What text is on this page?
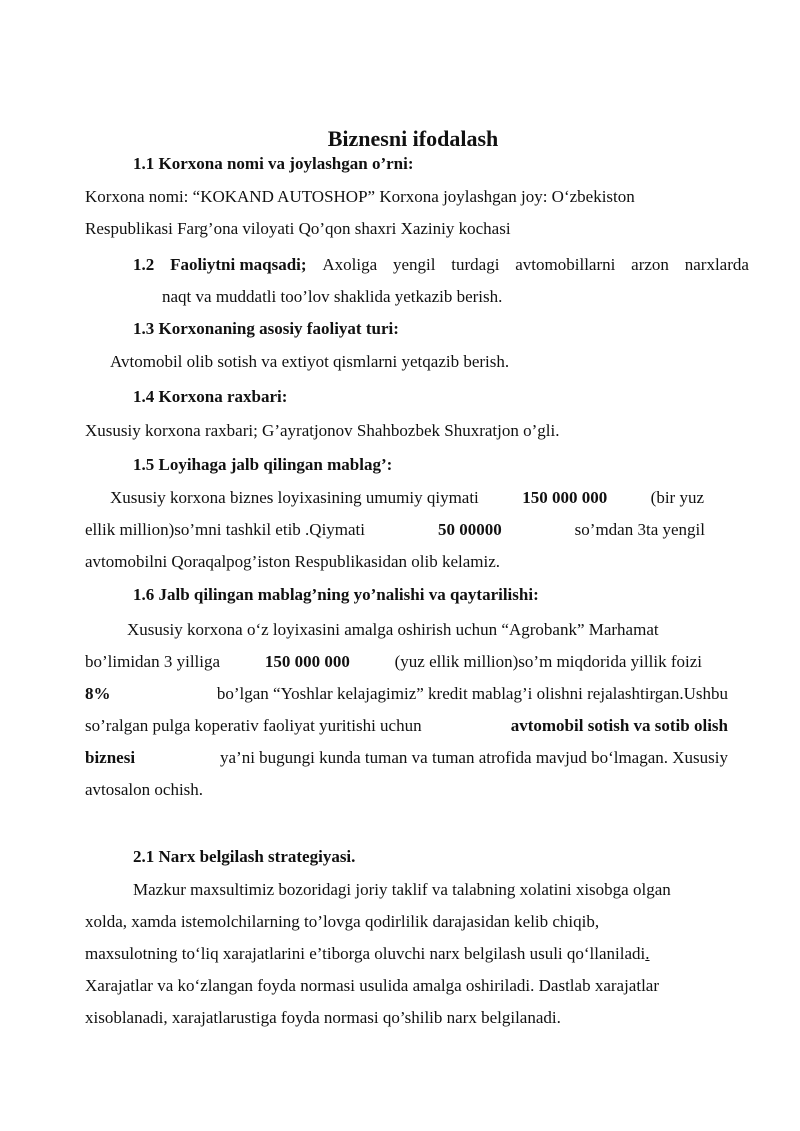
Biznesni ifodalash
1.1 Korxona nomi va joylashgan o’rni:
Korxona nomi: “KOKAND AUTOSHOP” Korxona joylashgan joy: O‘zbekiston
Respublikasi Farg’ona viloyati Qo’qon shaxri Xaziniy kochasi
1.2 Faoliytni maqsadi; Axoliga yengil turdagi avtomobillarni arzon narxlarda
naqt va muddatli too’lov shaklida yetkazib berish.
1.3 Korxonaning asosiy faoliyat turi:
Avtomobil olib sotish va extiyot qismlarni yetqazib berish.
1.4 Korxona raxbari:
Xususiy korxona raxbari; G’ayratjonov Shahbozbek Shuxratjon o’gli.
1.5 Loyihaga jalb qilingan mablag’:
Xususiy korxona biznes loyixasining umumiy qiymati	150 000 000	(bir yuz
ellik million)so’mni tashkil etib .Qiymati	50 00000	so’mdan 3ta yengil
avtomobilni Qoraqalpog’iston Respublikasidan olib kelamiz.
1.6 Jalb qilingan mablag’ning yo’nalishi va qaytarilishi:
Xususiy korxona o‘z loyixasini amalga oshirish uchun “Agrobank” Marhamat
bo’limidan 3 yilliga	150 000 000	(yuz ellik million)so’m miqdorida yillik foizi
8%	bo’lgan “Yoshlar kelajagimiz” kredit mablag’i olishni rejalashtirgan.Ushbu
so’ralgan pulga koperativ faoliyat yuritishi uchun	avtomobil sotish va sotib olish
biznesi	ya’ni bugungi kunda tuman va tuman atrofida mavjud bo‘lmagan. Xususiy
avtosalon ochish.
2.1 Narx belgilash strategiyasi.
Mazkur maxsultimiz bozoridagi joriy taklif va talabning xolatini xisobga olgan
xolda, xamda istemolchilarning to’lovga qodirlilik darajasidan kelib chiqib,
maxsulotning to‘liq xarajatlarini e’tiborga oluvchi narx belgilash usuli qo‘llaniladi.
Xarajatlar va ko‘zlangan foyda normasi usulida amalga oshiriladi. Dastlab xarajatlar
xisoblanadi, xarajatlarustiga foyda normasi qo’shilib narx belgilanadi.
